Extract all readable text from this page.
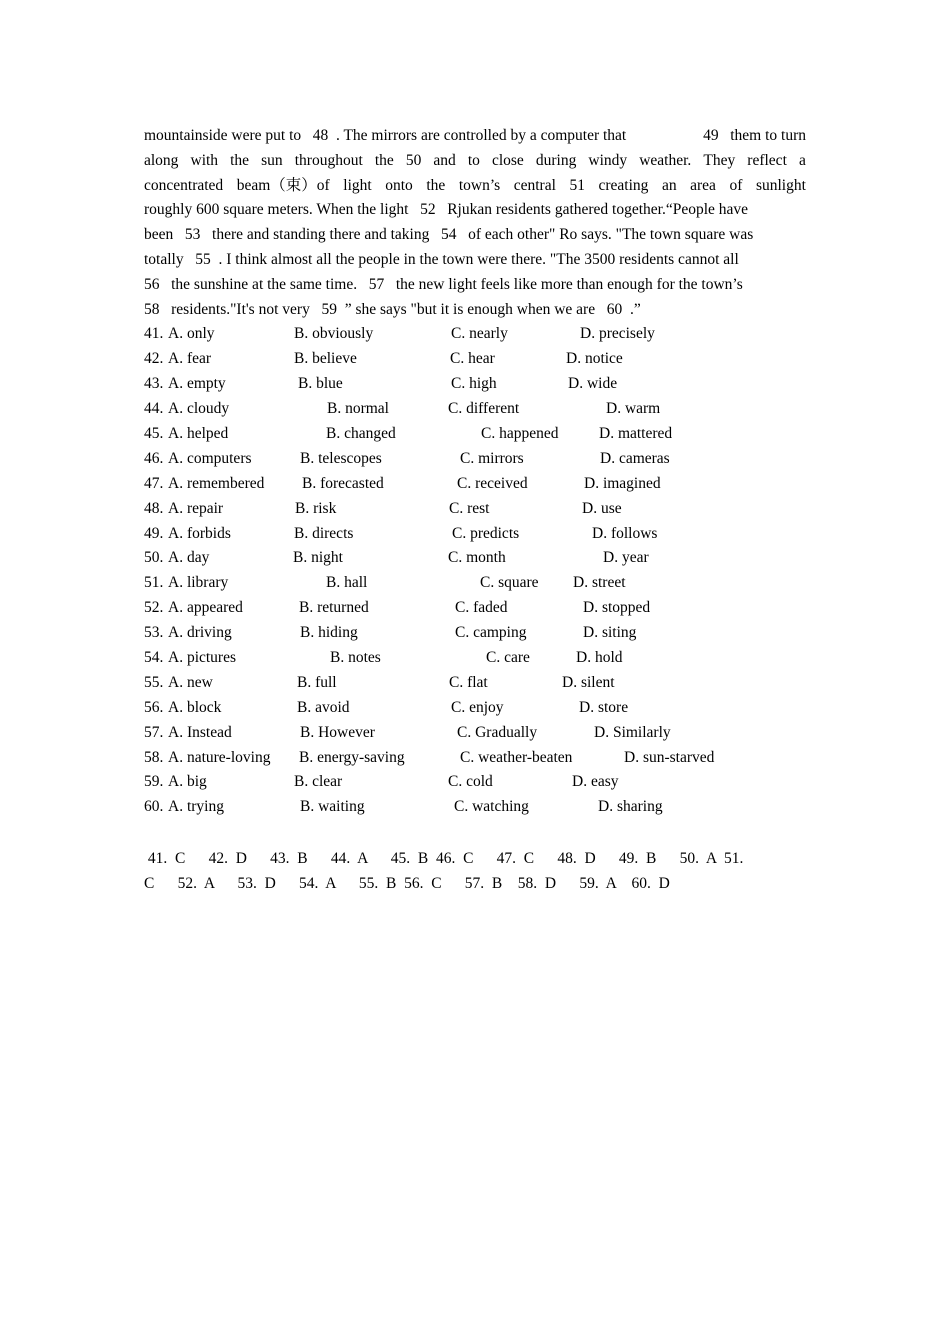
mountainside were put to   48  . The mirrors are controlled by a computer that	49   them to turn
along with the sun throughout the 50 and to close during windy weather. They reflect a
concentrated beam（束）of light onto the town’s central 51 creating an area of sunlight
roughly 600 square meters. When the light   52   Rjukan residents gathered together.“People have
been   53   there and standing there and taking   54   of each other" Ro says. "The town square was
totally   55  . I think almost all the people in the town were there. "The 3500 residents cannot all
56   the sunshine at the same time.   57   the new light feels like more than enough for the town’s
58   residents."It's not very   59  ” she says "but it is enough when we are   60  .”
41. A. only	B. obviously	C. nearly	D. precisely
42. A. fear	B. believe	C. hear	D. notice
43. A. empty	B. blue	C. high	D. wide
44. A. cloudy	B. normal	C. different	D. warm
45. A. helped	B. changed	C. happened	D. mattered
46. A. computers	B. telescopes	C. mirrors	D. cameras
47. A. remembered B. forecasted	C. received	D. imagined
48. A. repair	B. risk	C. rest	D. use
49. A. forbids	B. directs	C. predicts	D. follows
50. A. day	B. night	C. month	D. year
51. A. library	B. hall	C. square D. street
52. A. appeared	B. returned	C. faded	D. stopped
53. A. driving	B. hiding	C. camping	D. siting
54. A. pictures	B. notes	C. care	D. hold
55. A. new	B. full	C. flat	D. silent
56. A. block	B. avoid	C. enjoy	D. store
57. A. Instead	B. However	C. Gradually	D. Similarly
58. A. nature-loving B. energy-saving	C. weather-beaten	D. sun-starved
59. A. big	B. clear	C. cold	D. easy
60. A. trying	B. waiting	C. watching	D. sharing
41.  C      42.  D      43.  B      44.  A      45.  B  46.  C      47.  C      48.  D      49.  B      50.  A  51.
C      52.  A      53.  D      54.  A      55.  B  56.  C      57.  B    58.  D      59.  A    60.  D
